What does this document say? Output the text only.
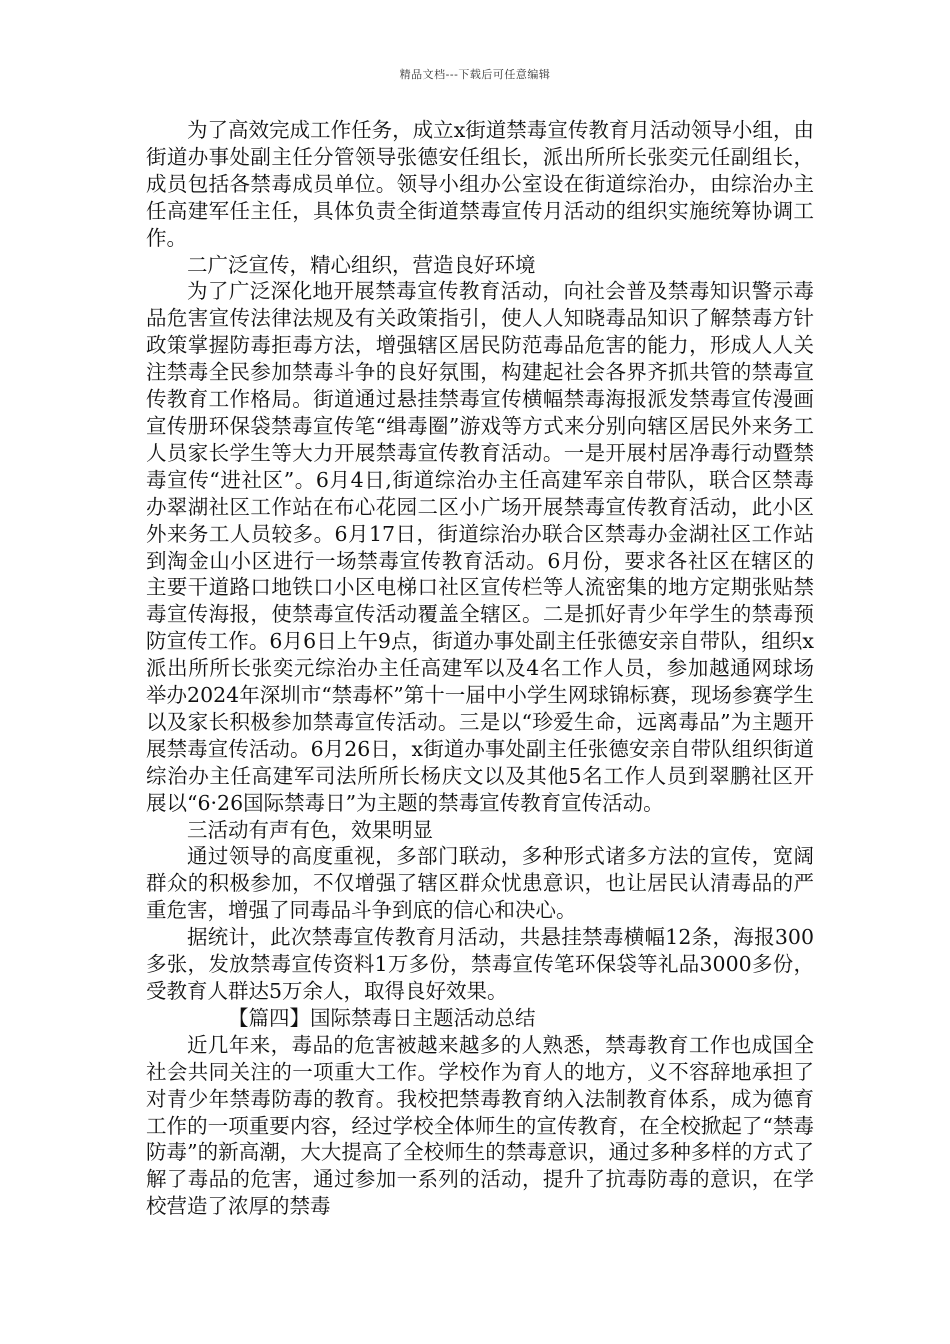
精品文档---下载后可任意编辑

为了高效完成工作任务，成立x街道禁毒宣传教育月活动领导小组，由街道办事处副主任分管领导张德安任组长，派出所所长张奕元任副组长，成员包括各禁毒成员单位。领导小组办公室设在街道综治办，由综治办主任高建军任主任，具体负责全街道禁毒宣传月活动的组织实施统筹协调工作。

二广泛宣传，精心组织，营造良好环境

为了广泛深化地开展禁毒宣传教育活动，向社会普及禁毒知识警示毒品危害宣传法律法规及有关政策指引，使人人知晓毒品知识了解禁毒方针政策掌握防毒拒毒方法，增强辖区居民防范毒品危害的能力，形成人人关注禁毒全民参加禁毒斗争的良好氛围，构建起社会各界齐抓共管的禁毒宣传教育工作格局。街道通过悬挂禁毒宣传横幅禁毒海报派发禁毒宣传漫画宣传册环保袋禁毒宣传笔“缉毒圈”游戏等方式来分别向辖区居民外来务工人员家长学生等大力开展禁毒宣传教育活动。一是开展村居净毒行动暨禁毒宣传“进社区”。6月4日,街道综治办主任高建军亲自带队，联合区禁毒办翠湖社区工作站在布心花园二区小广场开展禁毒宣传教育活动，此小区外来务工人员较多。6月17日，街道综治办联合区禁毒办金湖社区工作站到淘金山小区进行一场禁毒宣传教育活动。6月份，要求各社区在辖区的主要干道路口地铁口小区电梯口社区宣传栏等人流密集的地方定期张贴禁毒宣传海报，使禁毒宣传活动覆盖全辖区。二是抓好青少年学生的禁毒预防宣传工作。6月6日上午9点，街道办事处副主任张德安亲自带队，组织x派出所所长张奕元综治办主任高建军以及4名工作人员，参加越通网球场举办2024年深圳市“禁毒杯”第十一届中小学生网球锦标赛，现场参赛学生以及家长积极参加禁毒宣传活动。三是以“珍爱生命，远离毒品”为主题开展禁毒宣传活动。6月26日，x街道办事处副主任张德安亲自带队组织街道综治办主任高建军司法所所长杨庆文以及其他5名工作人员到翠鹏社区开展以“6·26国际禁毒日”为主题的禁毒宣传教育宣传活动。

三活动有声有色，效果明显

通过领导的高度重视，多部门联动，多种形式诸多方法的宣传，宽阔群众的积极参加，不仅增强了辖区群众忧患意识，也让居民认清毒品的严重危害，增强了同毒品斗争到底的信心和决心。

据统计，此次禁毒宣传教育月活动，共悬挂禁毒横幅12条，海报300多张，发放禁毒宣传资料1万多份，禁毒宣传笔环保袋等礼品3000多份，受教育人群达5万余人，取得良好效果。

【篇四】国际禁毒日主题活动总结

近几年来，毒品的危害被越来越多的人熟悉，禁毒教育工作也成国全社会共同关注的一项重大工作。学校作为育人的地方，义不容辞地承担了对青少年禁毒防毒的教育。我校把禁毒教育纳入法制教育体系，成为德育工作的一项重要内容，经过学校全体师生的宣传教育，在全校掀起了“禁毒防毒”的新高潮，大大提高了全校师生的禁毒意识，通过多种多样的方式了解了毒品的危害，通过参加一系列的活动，提升了抗毒防毒的意识，在学校营造了浓厚的禁毒
